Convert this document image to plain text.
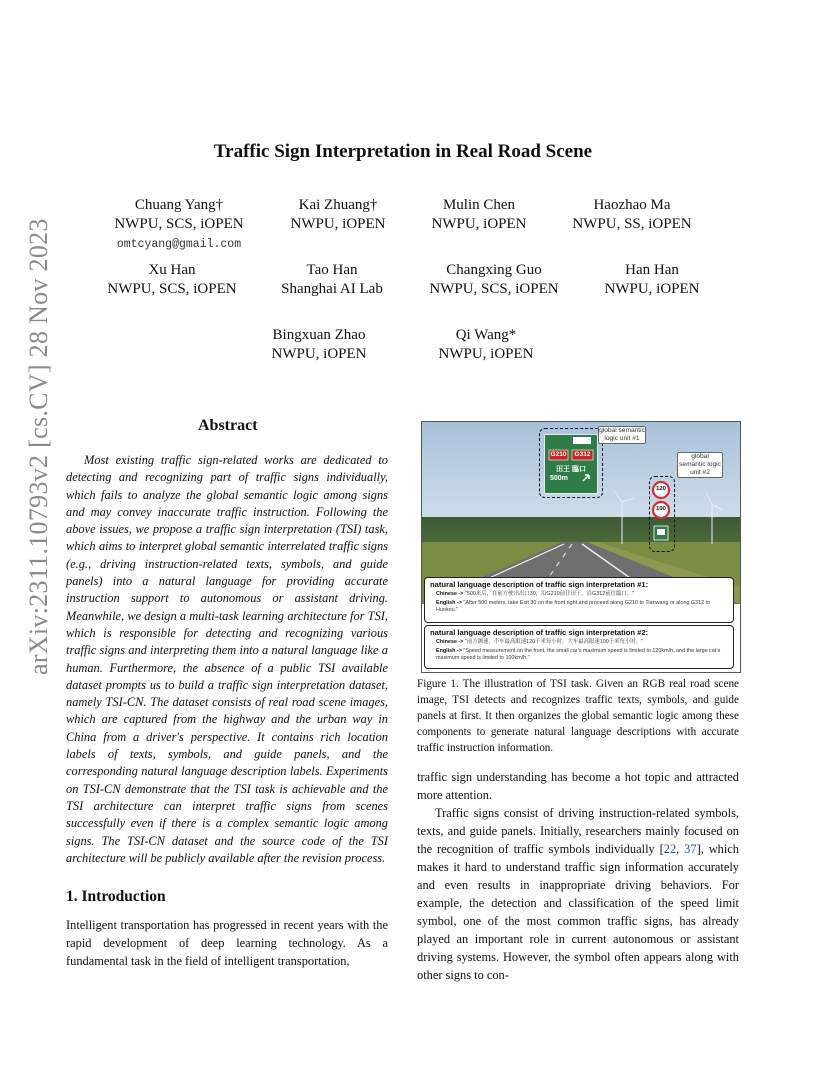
arXiv:2311.10793v2 [cs.CV] 28 Nov 2023
Traffic Sign Interpretation in Real Road Scene
Chuang Yang†
NWPU, SCS, iOPEN
omtcyang@gmail.com
Kai Zhuang†
NWPU, iOPEN
Mulin Chen
NWPU, iOPEN
Haozhao Ma
NWPU, SS, iOPEN
Xu Han
NWPU, SCS, iOPEN
Tao Han
Shanghai AI Lab
Changxing Guo
NWPU, SCS, iOPEN
Han Han
NWPU, iOPEN
Bingxuan Zhao
NWPU, iOPEN
Qi Wang*
NWPU, iOPEN
Abstract
Most existing traffic sign-related works are dedicated to detecting and recognizing part of traffic signs individually, which fails to analyze the global semantic logic among signs and may convey inaccurate traffic instruction. Following the above issues, we propose a traffic sign interpretation (TSI) task, which aims to interpret global semantic interrelated traffic signs (e.g., driving instruction-related texts, symbols, and guide panels) into a natural language for providing accurate instruction support to autonomous or assistant driving. Meanwhile, we design a multi-task learning architecture for TSI, which is responsible for detecting and recognizing various traffic signs and interpreting them into a natural language like a human. Furthermore, the absence of a public TSI available dataset prompts us to build a traffic sign interpretation dataset, namely TSI-CN. The dataset consists of real road scene images, which are captured from the highway and the urban way in China from a driver's perspective. It contains rich location labels of texts, symbols, and guide panels, and the corresponding natural language description labels. Experiments on TSI-CN demonstrate that the TSI task is achievable and the TSI architecture can interpret traffic signs from scenes successfully even if there is a complex semantic logic among signs. The TSI-CN dataset and the source code of the TSI architecture will be publicly available after the revision process.
1. Introduction
Intelligent transportation has progressed in recent years with the rapid development of deep learning technology. As a fundamental task in the field of intelligent transportation,
G210	G312
田王 臨口
500m
global semantic logic unit #1
120
100
global semantic logic unit #2
natural language description of traffic sign interpretation #1:
Chinese -> "500米后，在前方驶出出口30，沿G210前往田王，沿G312前往臨口。"
English -> "After 500 meters, take Exit 30 on the front right and proceed along G210 to Tianwang or along G312 to Huokou."
natural language description of traffic sign interpretation #2:
Chinese -> "前方测速，小车最高限速120千米每小时，大车最高限速100千米每小时。"
English -> "Speed measurement on the front, the small car's maximum speed is limited to 120km/h, and the large car's maximum speed is limited to 100km/h."
Figure 1. The illustration of TSI task. Given an RGB real road scene image, TSI detects and recognizes traffic texts, symbols, and guide panels at first. It then organizes the global semantic logic among these components to generate natural language descriptions with accurate traffic instruction information.
traffic sign understanding has become a hot topic and attracted more attention.
Traffic signs consist of driving instruction-related symbols, texts, and guide panels. Initially, researchers mainly focused on the recognition of traffic symbols individually [22, 37], which makes it hard to understand traffic sign information accurately and even results in inappropriate driving behaviors. For example, the detection and classification of the speed limit symbol, one of the most common traffic signs, has already played an important role in current autonomous or assistant driving systems. However, the symbol often appears along with other signs to con-
